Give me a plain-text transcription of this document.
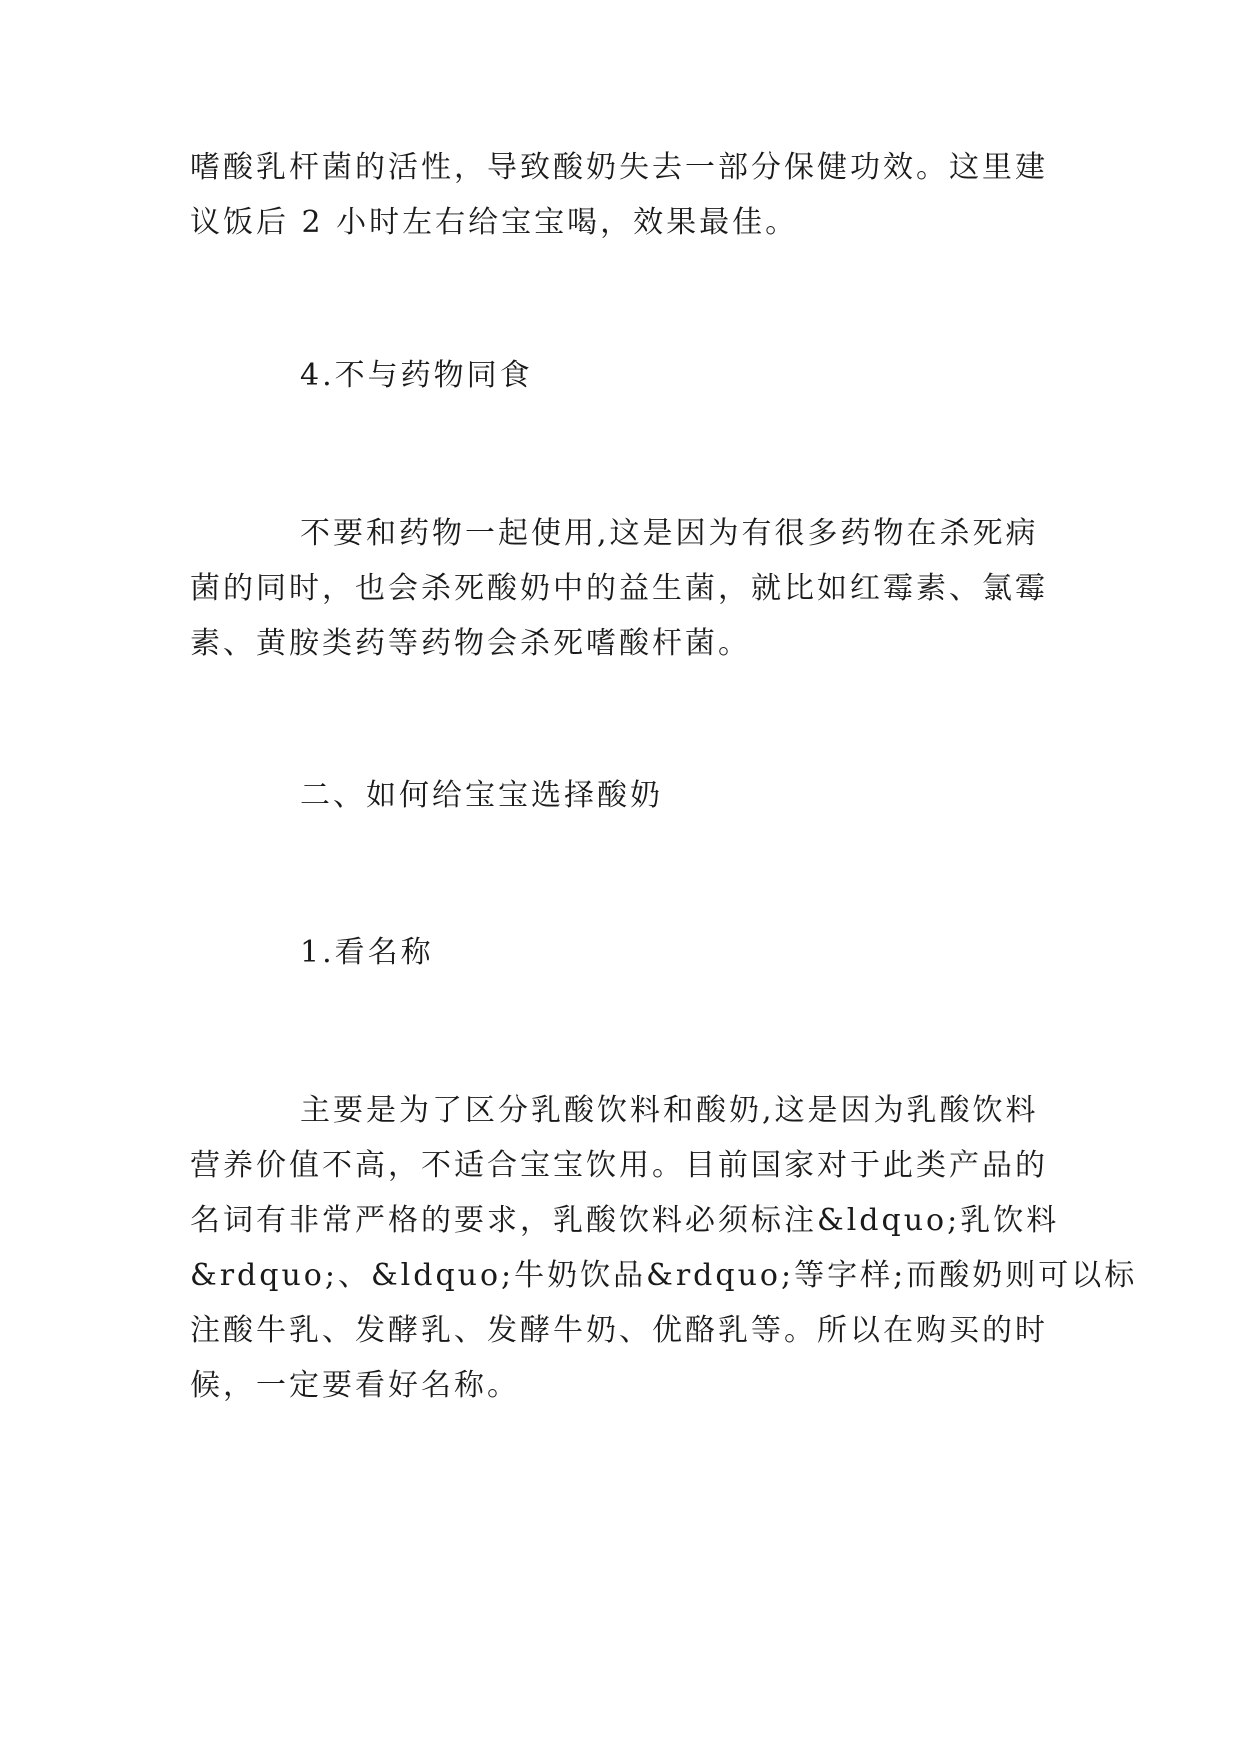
嗜酸乳杆菌的活性，导致酸奶失去一部分保健功效。这里建
议饭后 2 小时左右给宝宝喝，效果最佳。
4.不与药物同食
不要和药物一起使用,这是因为有很多药物在杀死病
菌的同时，也会杀死酸奶中的益生菌，就比如红霉素、氯霉
素、黄胺类药等药物会杀死嗜酸杆菌。
二、如何给宝宝选择酸奶
1.看名称
主要是为了区分乳酸饮料和酸奶,这是因为乳酸饮料
营养价值不高，不适合宝宝饮用。目前国家对于此类产品的
名词有非常严格的要求，乳酸饮料必须标注&ldquo;乳饮料
&rdquo;、&ldquo;牛奶饮品&rdquo;等字样;而酸奶则可以标
注酸牛乳、发酵乳、发酵牛奶、优酪乳等。所以在购买的时
候，一定要看好名称。
